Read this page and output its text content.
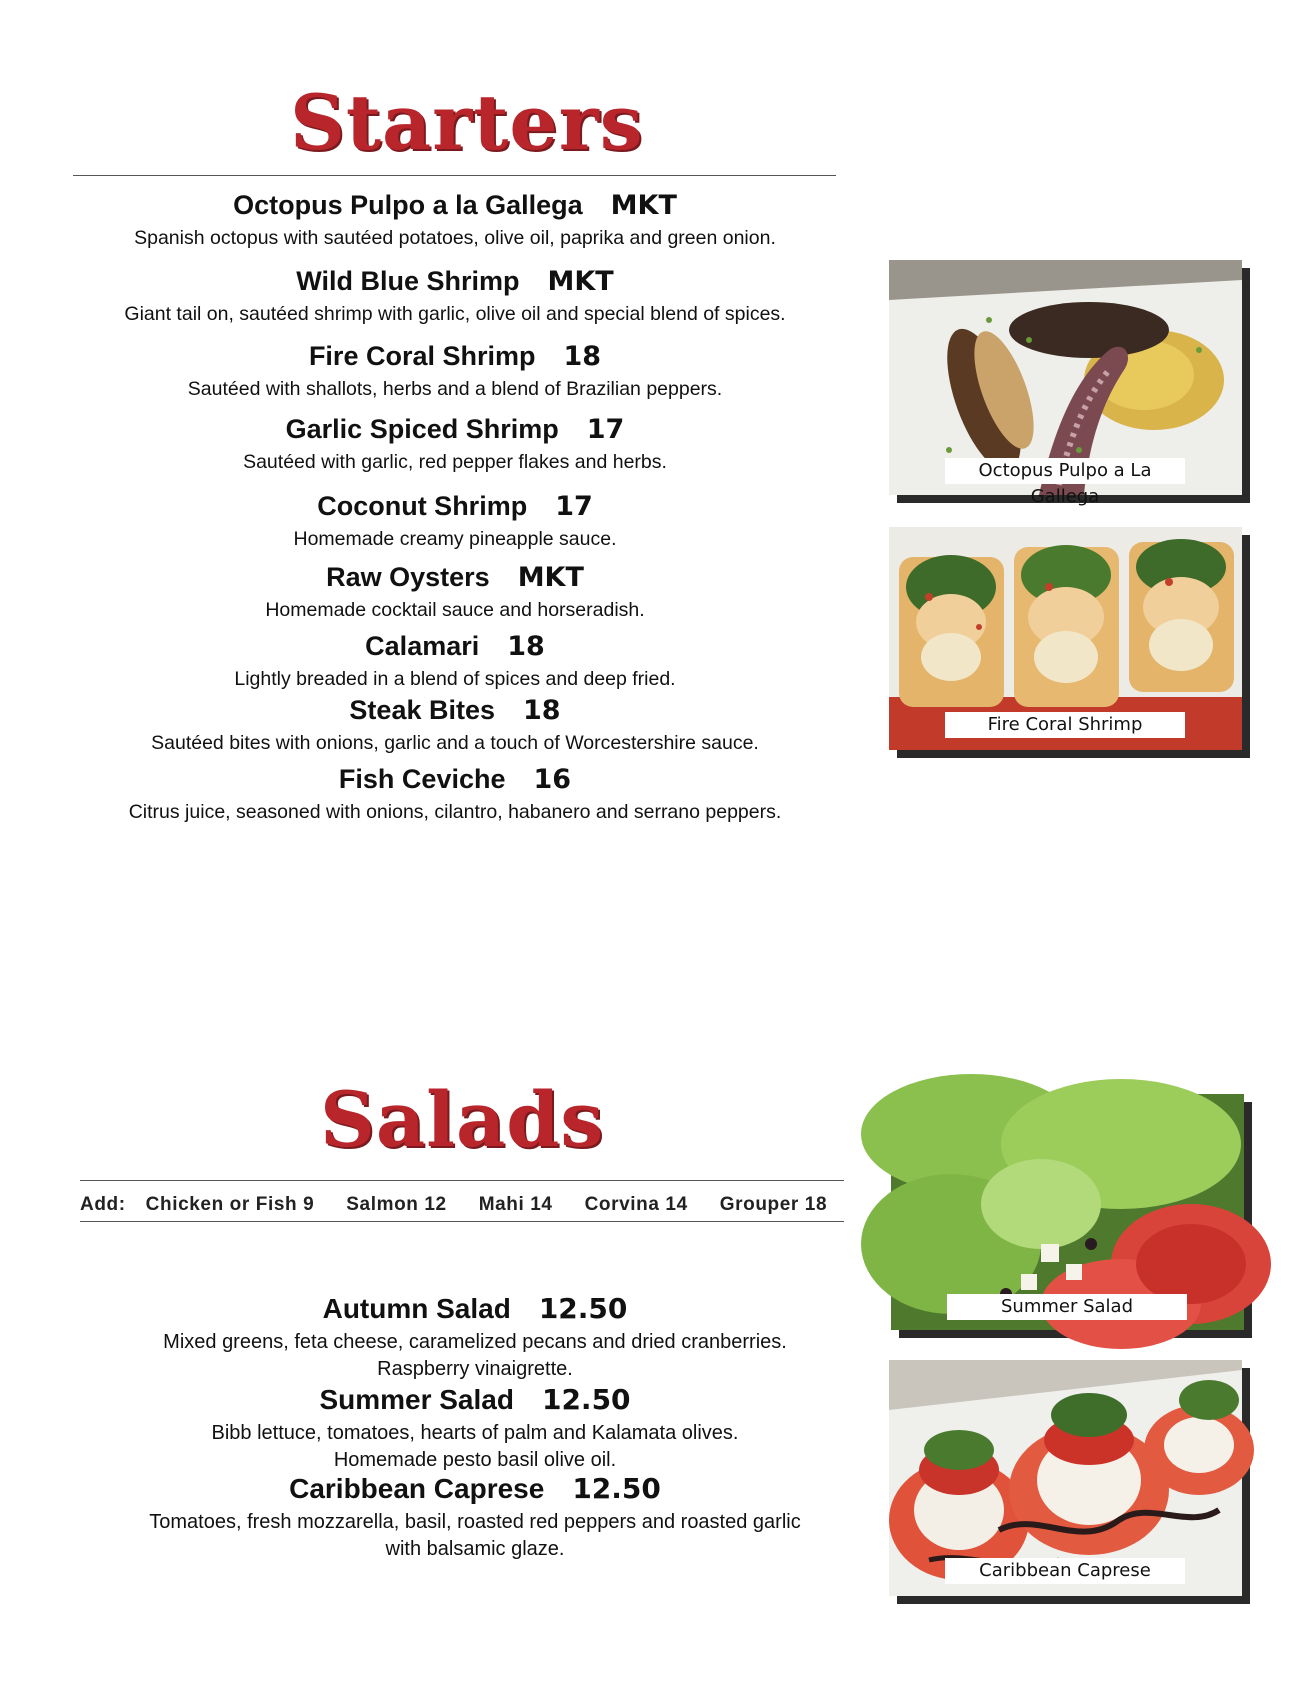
Starters
Octopus Pulpo a la Gallega MKT
Spanish octopus with sautéed potatoes, olive oil, paprika and green onion.
Wild Blue Shrimp MKT
Giant tail on, sautéed shrimp with garlic, olive oil and special blend of spices.
Fire Coral Shrimp 18
Sautéed with shallots, herbs and a blend of Brazilian peppers.
Garlic Spiced Shrimp 17
Sautéed with garlic, red pepper flakes and herbs.
Coconut Shrimp 17
Homemade creamy pineapple sauce.
Raw Oysters MKT
Homemade cocktail sauce and horseradish.
Calamari 18
Lightly breaded in a blend of spices and deep fried.
Steak Bites 18
Sautéed bites with onions, garlic and a touch of Worcestershire sauce.
Fish Ceviche 16
Citrus juice, seasoned with onions, cilantro, habanero and serrano peppers.
Octopus Pulpo a La Gallega
Fire Coral Shrimp
Salads
Add: Chicken or Fish 9 Salmon 12 Mahi 14 Corvina 14 Grouper 18
Autumn Salad 12.50
Mixed greens, feta cheese, caramelized pecans and dried cranberries.
Raspberry vinaigrette.
Summer Salad 12.50
Bibb lettuce, tomatoes, hearts of palm and Kalamata olives.
Homemade pesto basil olive oil.
Caribbean Caprese 12.50
Tomatoes, fresh mozzarella, basil, roasted red peppers and roasted garlic
with balsamic glaze.
Summer Salad
Caribbean Caprese
